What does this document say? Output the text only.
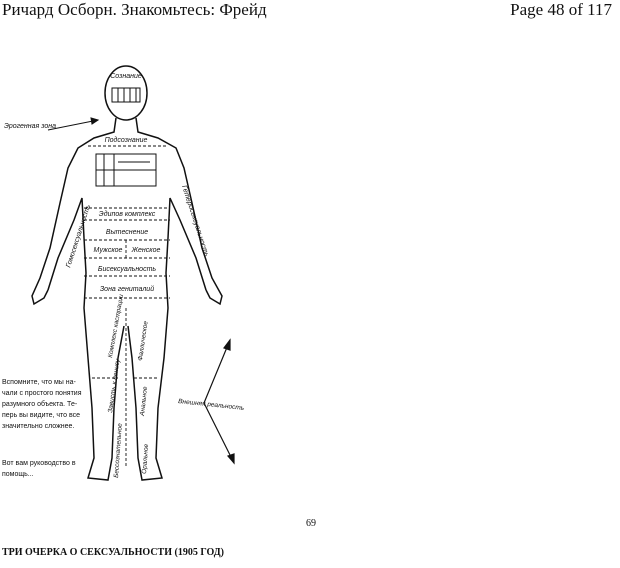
Ричард Осборн. Знакомьтесь: Фрейд	Page 48 of 117
Сознание
Эрогенная зона
Подсознание
Эдипов комплекс
Вытеснение
Мужское Женское
Бисексуальность
Зона гениталий
Гомосексуальность	Гетеросексуальность
Комплекс кастрации
Зависть к пенису
Фаллическое
Анальное
Оральное
Бессознательное
Внешняя реальность
Вспомните, что мы на-
чали с простого понятия
разумного объекта. Те-
перь вы видите, что все
значительно сложнее.
Вот вам руководство в
помощь...
69
ТРИ ОЧЕРКА О СЕКСУАЛЬНОСТИ (1905 ГОД)
